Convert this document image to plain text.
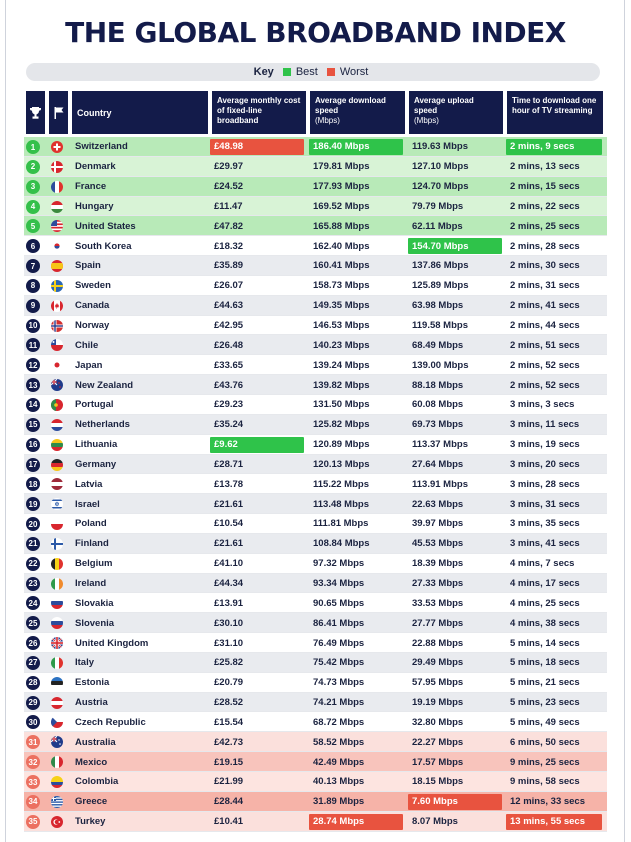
THE GLOBAL BROADBAND INDEX
Key Best Worst
Country
Average monthly cost of fixed-line broadband
Average download speed
(Mbps)
Average upload speed
(Mbps)
Time to download one hour of TV streaming
1	Switzerland	£48.98	186.40 Mbps	119.63 Mbps	2 mins, 9 secs
2	Denmark	£29.97	179.81 Mbps	127.10 Mbps	2 mins, 13 secs
3	France	£24.52	177.93 Mbps	124.70 Mbps	2 mins, 15 secs
4	Hungary	£11.47	169.52 Mbps	79.79 Mbps	2 mins, 22 secs
5	United States	£47.82	165.88 Mbps	62.11 Mbps	2 mins, 25 secs
6	South Korea	£18.32	162.40 Mbps	154.70 Mbps	2 mins, 28 secs
7	Spain	£35.89	160.41 Mbps	137.86 Mbps	2 mins, 30 secs
8	Sweden	£26.07	158.73 Mbps	125.89 Mbps	2 mins, 31 secs
9	Canada	£44.63	149.35 Mbps	63.98 Mbps	2 mins, 41 secs
10	Norway	£42.95	146.53 Mbps	119.58 Mbps	2 mins, 44 secs
11	Chile	£26.48	140.23 Mbps	68.49 Mbps	2 mins, 51 secs
12	Japan	£33.65	139.24 Mbps	139.00 Mbps	2 mins, 52 secs
13	New Zealand	£43.76	139.82 Mbps	88.18 Mbps	2 mins, 52 secs
14	Portugal	£29.23	131.50 Mbps	60.08 Mbps	3 mins, 3 secs
15	Netherlands	£35.24	125.82 Mbps	69.73 Mbps	3 mins, 11 secs
16	Lithuania	£9.62	120.89 Mbps	113.37 Mbps	3 mins, 19 secs
17	Germany	£28.71	120.13 Mbps	27.64 Mbps	3 mins, 20 secs
18	Latvia	£13.78	115.22 Mbps	113.91 Mbps	3 mins, 28 secs
19	Israel	£21.61	113.48 Mbps	22.63 Mbps	3 mins, 31 secs
20	Poland	£10.54	111.81 Mbps	39.97 Mbps	3 mins, 35 secs
21	Finland	£21.61	108.84 Mbps	45.53 Mbps	3 mins, 41 secs
22	Belgium	£41.10	97.32 Mbps	18.39 Mbps	4 mins, 7 secs
23	Ireland	£44.34	93.34 Mbps	27.33 Mbps	4 mins, 17 secs
24	Slovakia	£13.91	90.65 Mbps	33.53 Mbps	4 mins, 25 secs
25	Slovenia	£30.10	86.41 Mbps	27.77 Mbps	4 mins, 38 secs
26	United Kingdom	£31.10	76.49 Mbps	22.88 Mbps	5 mins, 14 secs
27	Italy	£25.82	75.42 Mbps	29.49 Mbps	5 mins, 18 secs
28	Estonia	£20.79	74.73 Mbps	57.95 Mbps	5 mins, 21 secs
29	Austria	£28.52	74.21 Mbps	19.19 Mbps	5 mins, 23 secs
30	Czech Republic	£15.54	68.72 Mbps	32.80 Mbps	5 mins, 49 secs
31	Australia	£42.73	58.52 Mbps	22.27 Mbps	6 mins, 50 secs
32	Mexico	£19.15	42.49 Mbps	17.57 Mbps	9 mins, 25 secs
33	Colombia	£21.99	40.13 Mbps	18.15 Mbps	9 mins, 58 secs
34	Greece	£28.44	31.89 Mbps	7.60 Mbps	12 mins, 33 secs
35	Turkey	£10.41	28.74 Mbps	8.07 Mbps	13 mins, 55 secs
